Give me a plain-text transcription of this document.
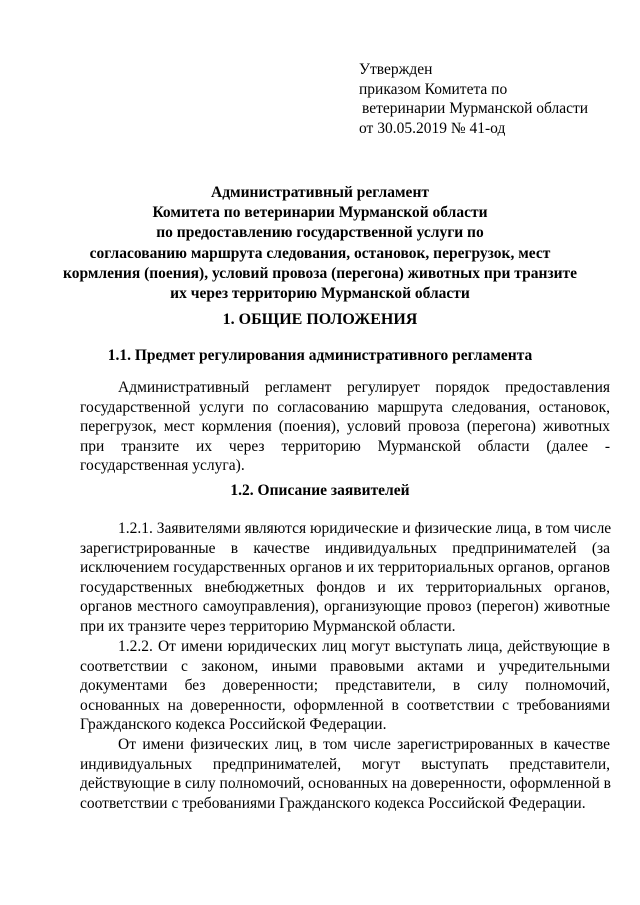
Утвержден
приказом Комитета по
ветеринарии Мурманской области
от 30.05.2019 № 41-од
Административный регламент
Комитета по ветеринарии Мурманской области
по предоставлению государственной услуги по
согласованию маршрута следования, остановок, перегрузок, мест
кормления (поения), условий провоза (перегона) животных при транзите
их через территорию Мурманской области
1. ОБЩИЕ ПОЛОЖЕНИЯ
1.1. Предмет регулирования административного регламента
Административный регламент регулирует порядок предоставления
государственной услуги по согласованию маршрута следования, остановок,
перегрузок, мест кормления (поения), условий провоза (перегона) животных
при транзите их через территорию Мурманской области (далее -
государственная услуга).
1.2. Описание заявителей
1.2.1. Заявителями являются юридические и физические лица, в том числе
зарегистрированные в качестве индивидуальных предпринимателей (за
исключением государственных органов и их территориальных органов, органов
государственных внебюджетных фондов и их территориальных органов,
органов местного самоуправления), организующие провоз (перегон) животные
при их транзите через территорию Мурманской области.
1.2.2. От имени юридических лиц могут выступать лица, действующие в
соответствии с законом, иными правовыми актами и учредительными
документами без доверенности; представители, в силу полномочий,
основанных на доверенности, оформленной в соответствии с требованиями
Гражданского кодекса Российской Федерации.
От имени физических лиц, в том числе зарегистрированных в качестве
индивидуальных предпринимателей, могут выступать представители,
действующие в силу полномочий, основанных на доверенности, оформленной в
соответствии с требованиями Гражданского кодекса Российской Федерации.
